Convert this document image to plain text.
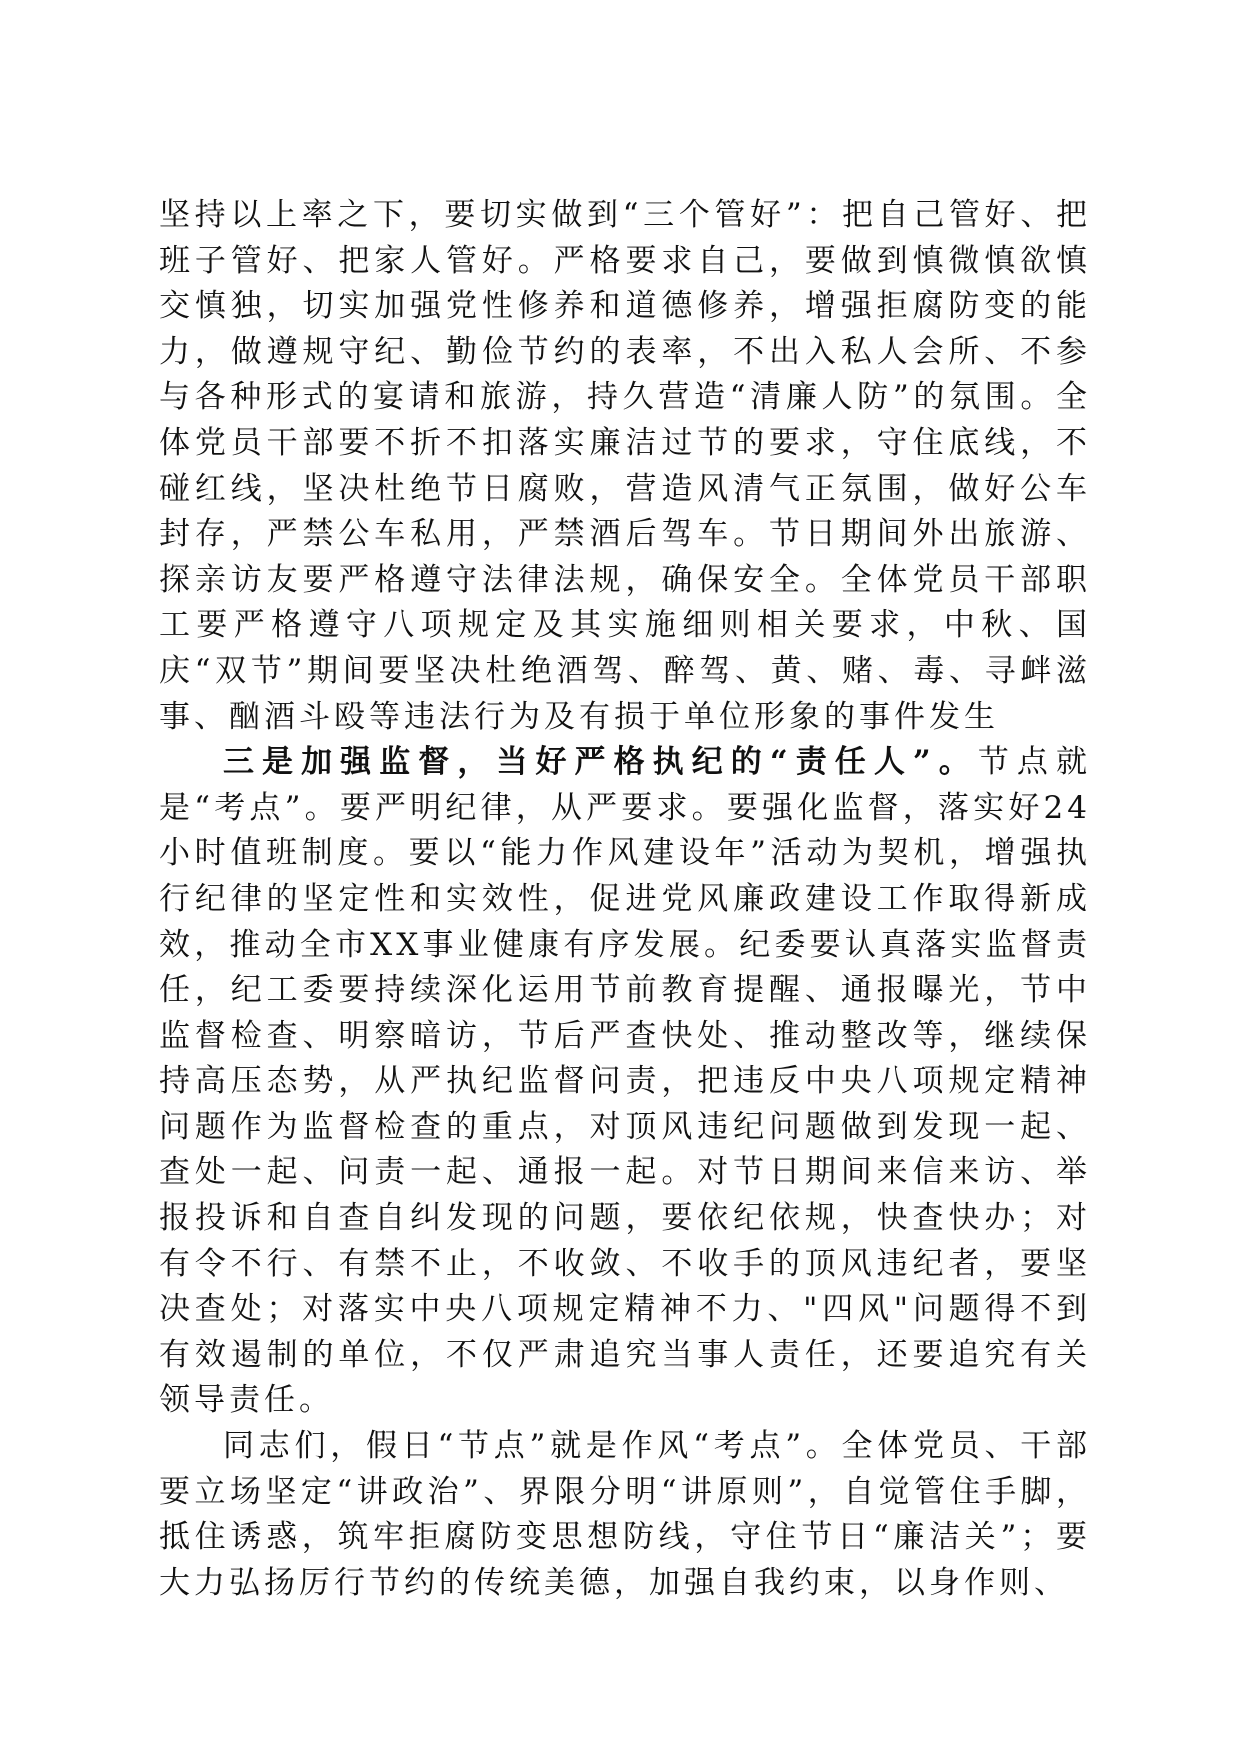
坚持以上率之下，要切实做到“三个管好”：把自己管好、把班子管好、把家人管好。严格要求自己，要做到慎微慎欲慎交慎独，切实加强党性修养和道德修养，增强拒腐防变的能力，做遵规守纪、勤俭节约的表率，不出入私人会所、不参与各种形式的宴请和旅游，持久营造“清廉人防”的氛围。全体党员干部要不折不扣落实廉洁过节的要求，守住底线，不碰红线，坚决杜绝节日腐败，营造风清气正氛围，做好公车封存，严禁公车私用，严禁酒后驾车。节日期间外出旅游、探亲访友要严格遵守法律法规，确保安全。全体党员干部职工要严格遵守八项规定及其实施细则相关要求，中秋、国庆“双节”期间要坚决杜绝酒驾、醉驾、黄、赌、毒、寻衅滋事、酗酒斗殴等违法行为及有损于单位形象的事件发生

三是加强监督，当好严格执纪的“责任人”。节点就是“考点”。要严明纪律，从严要求。要强化监督，落实好24小时值班制度。要以“能力作风建设年”活动为契机，增强执行纪律的坚定性和实效性，促进党风廉政建设工作取得新成效，推动全市XX事业健康有序发展。纪委要认真落实监督责任，纪工委要持续深化运用节前教育提醒、通报曝光，节中监督检查、明察暗访，节后严查快处、推动整改等，继续保持高压态势，从严执纪监督问责，把违反中央八项规定精神问题作为监督检查的重点，对顶风违纪问题做到发现一起、查处一起、问责一起、通报一起。对节日期间来信来访、举报投诉和自查自纠发现的问题，要依纪依规，快查快办；对有令不行、有禁不止，不收敛、不收手的顶风违纪者，要坚决查处；对落实中央八项规定精神不力、"四风"问题得不到有效遏制的单位，不仅严肃追究当事人责任，还要追究有关领导责任。

同志们，假日“节点”就是作风“考点”。全体党员、干部要立场坚定“讲政治”、界限分明“讲原则”，自觉管住手脚，抵住诱惑，筑牢拒腐防变思想防线，守住节日“廉洁关”；要大力弘扬厉行节约的传统美德，加强自我约束，以身作则、
